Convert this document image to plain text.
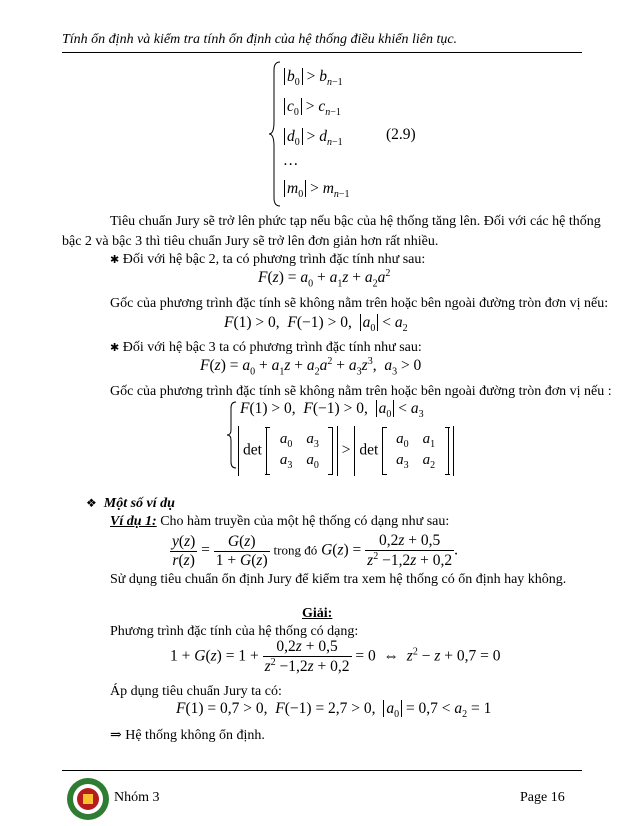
Tính ổn định và kiểm tra tính ổn định của hệ thống điều khiển liên tục.
$b_0 > b_{n-1}$
$c_0 > c_{n-1}$
$d_0 > d_{n-1}$
…
$m_0 > m_{n-1}$
(2.9)
Tiêu chuẩn Jury sẽ trở lên phức tạp nếu bậc của hệ thống tăng lên. Đối với các hệ thống
bậc 2 và bậc 3 thì tiêu chuẩn Jury sẽ trở lên đơn giản hơn rất nhiều.
✱ Đối với hệ bậc 2, ta có phương trình đặc tính như sau:
$F(z) = a_0 + a_1z + a_2a^2$
Gốc của phương trình đặc tính sẽ không nằm trên hoặc bên ngoài đường tròn đơn vị nếu:
F(1) > 0,  F(−1) > 0,  $a_0 < a_2$
✱ Đối với hệ bậc 3 ta có phương trình đặc tính như sau:
$F(z) = a_0 + a_1z + a_2a^2 + a_3z^3$,  $a_3 > 0$
Gốc của phương trình đặc tính sẽ không nằm trên hoặc bên ngoài đường tròn đơn vị nếu :
F(1) > 0,  F(−1) > 0,  $a_0 < a_3$
det
$a_0$	$a_3$
$a_3$	$a_0$
> det
$a_0$	$a_1$
$a_3$	$a_2$
❖ Một số ví dụ
Ví dụ 1: Cho hàm truyền của một hệ thống có dạng như sau:
$\frac{y(z)}{r(z)} = \frac{G(z)}{1 + G(z)}$ trong đó $G(z) = \frac{0,2z + 0,5}{z^2 -1,2z + 0,2}$ .
Sử dụng tiêu chuẩn ổn định Jury để kiểm tra xem hệ thống có ổn định hay không.
Giải:
Phương trình đặc tính của hệ thống có dạng:
$1 + G(z) = 1 + \frac{0,2z + 0,5}{z^2 -1,2z + 0,2} = 0$  ⇔  $z^2 - z + 0,7 = 0$
Áp dụng tiêu chuẩn Jury ta có:
F(1) = 0,7 > 0,  F(−1) = 2,7 > 0,  $a_0 = 0,7 < a_2 = 1$
⇒ Hệ thống không ổn định.
Nhóm 3	Page 16
